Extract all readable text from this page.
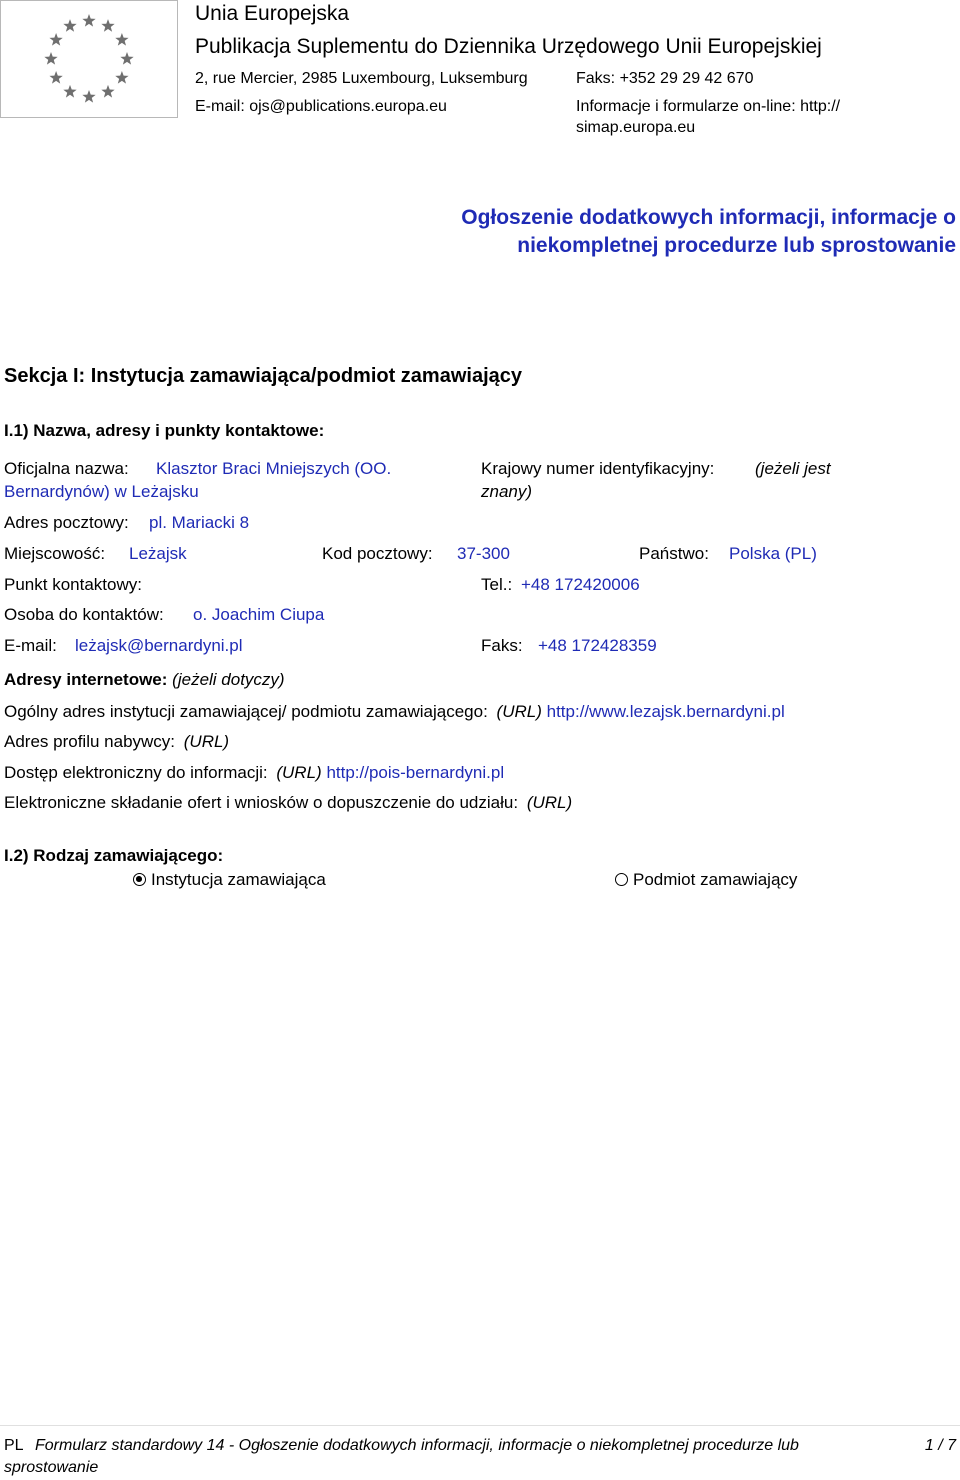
Unia Europejska
Publikacja Suplementu do Dziennika Urzędowego Unii Europejskiej
2, rue Mercier, 2985 Luxembourg, Luksemburg	Faks: +352 29 29 42 670
E-mail: ojs@publications.europa.eu	Informacje i formularze on-line: http://
simap.europa.eu
Ogłoszenie dodatkowych informacji, informacje o niekompletnej procedurze lub sprostowanie
Sekcja I: Instytucja zamawiająca/podmiot zamawiający
I.1) Nazwa, adresy i punkty kontaktowe:
Oficjalna nazwa: Klasztor Braci Mniejszych (OO.
Bernardynów) w Leżajsku
Krajowy numer identyfikacyjny: (jeżeli jest
znany)
Adres pocztowy: pl. Mariacki 8
Miejscowość: Leżajsk	Kod pocztowy: 37-300	Państwo: Polska (PL)
Punkt kontaktowy:	Tel.: +48 172420006
Osoba do kontaktów: o. Joachim Ciupa
E-mail: leżajsk@bernardyni.pl	Faks: +48 172428359
Adresy internetowe: (jeżeli dotyczy)
Ogólny adres instytucji zamawiającej/ podmiotu zamawiającego: (URL) http://www.lezajsk.bernardyni.pl
Adres profilu nabywcy: (URL)
Dostęp elektroniczny do informacji: (URL) http://pois-bernardyni.pl
Elektroniczne składanie ofert i wniosków o dopuszczenie do udziału: (URL)
I.2) Rodzaj zamawiającego:
Instytucja zamawiająca	Podmiot zamawiający
PL Formularz standardowy 14 - Ogłoszenie dodatkowych informacji, informacje o niekompletnej procedurze lub
sprostowanie
1 / 7
